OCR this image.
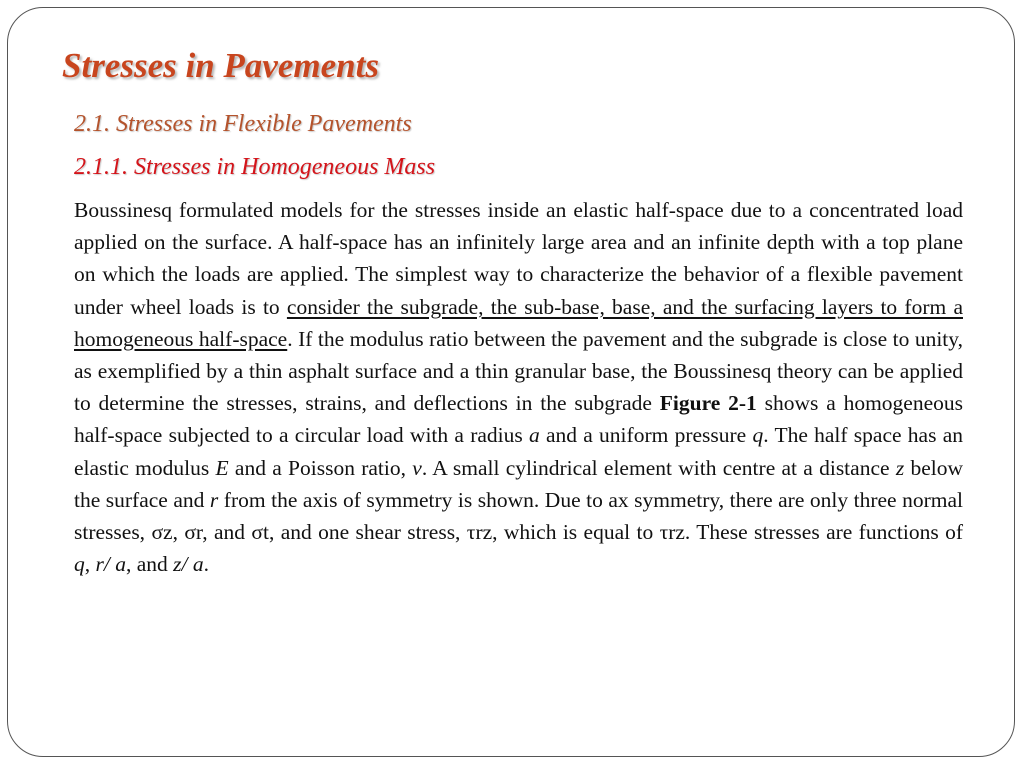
Stresses in Pavements
2.1. Stresses in Flexible Pavements
2.1.1. Stresses in Homogeneous Mass

Boussinesq formulated models for the stresses inside an elastic half-space due to a concentrated load applied on the surface. A half-space has an infinitely large area and an infinite depth with a top plane on which the loads are applied. The simplest way to characterize the behavior of a flexible pavement under wheel loads is to consider the subgrade, the sub-base, base, and the surfacing layers to form a homogeneous half-space. If the modulus ratio between the pavement and the subgrade is close to unity, as exemplified by a thin asphalt surface and a thin granular base, the Boussinesq theory can be applied to determine the stresses, strains, and deflections in the subgrade Figure 2-1 shows a homogeneous half-space subjected to a circular load with a radius a and a uniform pressure q. The half space has an elastic modulus E and a Poisson ratio, v. A small cylindrical element with centre at a distance z below the surface and r from the axis of symmetry is shown. Due to ax symmetry, there are only three normal stresses, σz, σr, and σt, and one shear stress, τrz, which is equal to τrz. These stresses are functions of q, r/ a, and z/ a.
